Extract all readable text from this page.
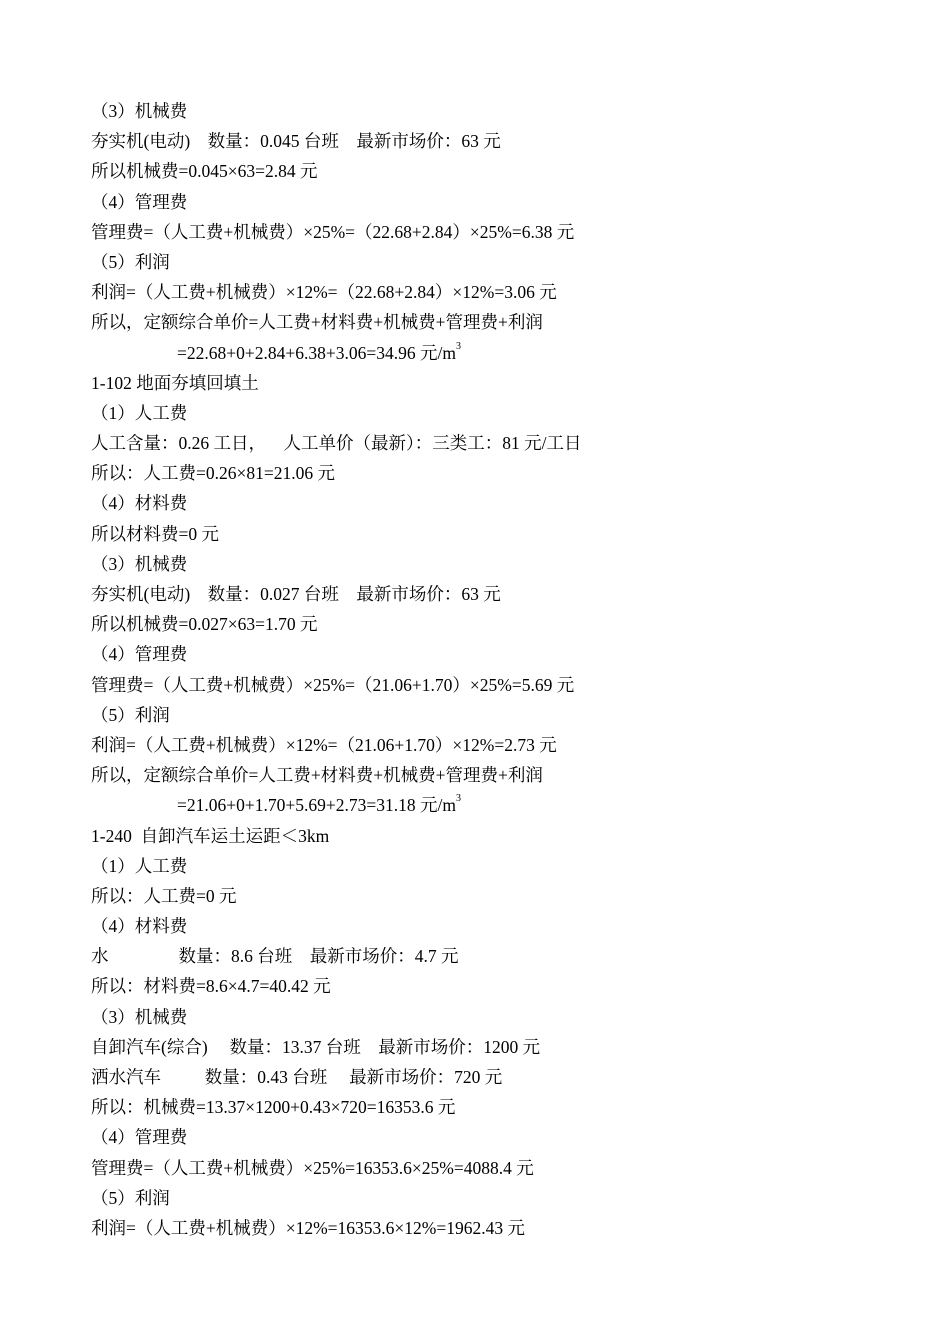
（3）机械费
夯实机(电动)    数量：0.045 台班    最新市场价：63 元
所以机械费=0.045×63=2.84 元
（4）管理费
管理费=（人工费+机械费）×25%=（22.68+2.84）×25%=6.38 元
（5）利润
利润=（人工费+机械费）×12%=（22.68+2.84）×12%=3.06 元
所以，定额综合单价=人工费+材料费+机械费+管理费+利润
=22.68+0+2.84+6.38+3.06=34.96 元$/m^3$
1-102 地面夯填回填土
（1）人工费
人工含量：0.26 工日，    人工单价（最新）：三类工：81 元/工日
所以：人工费=0.26×81=21.06 元
（4）材料费
所以材料费=0 元
（3）机械费
夯实机(电动)    数量：0.027 台班    最新市场价：63 元
所以机械费=0.027×63=1.70 元
（4）管理费
管理费=（人工费+机械费）×25%=（21.06+1.70）×25%=5.69 元
（5）利润
利润=（人工费+机械费）×12%=（21.06+1.70）×12%=2.73 元
所以，定额综合单价=人工费+材料费+机械费+管理费+利润
=21.06+0+1.70+5.69+2.73=31.18 元$/m^3$
1-240  自卸汽车运土运距＜3km
（1）人工费
所以：人工费=0 元
（4）材料费
水                数量：8.6 台班    最新市场价：4.7 元
所以：材料费=8.6×4.7=40.42 元
（3）机械费
自卸汽车(综合)     数量：13.37 台班    最新市场价：1200 元
洒水汽车          数量：0.43 台班     最新市场价：720 元
所以：机械费=13.37×1200+0.43×720=16353.6 元
（4）管理费
管理费=（人工费+机械费）×25%=16353.6×25%=4088.4 元
（5）利润
利润=（人工费+机械费）×12%=16353.6×12%=1962.43 元
